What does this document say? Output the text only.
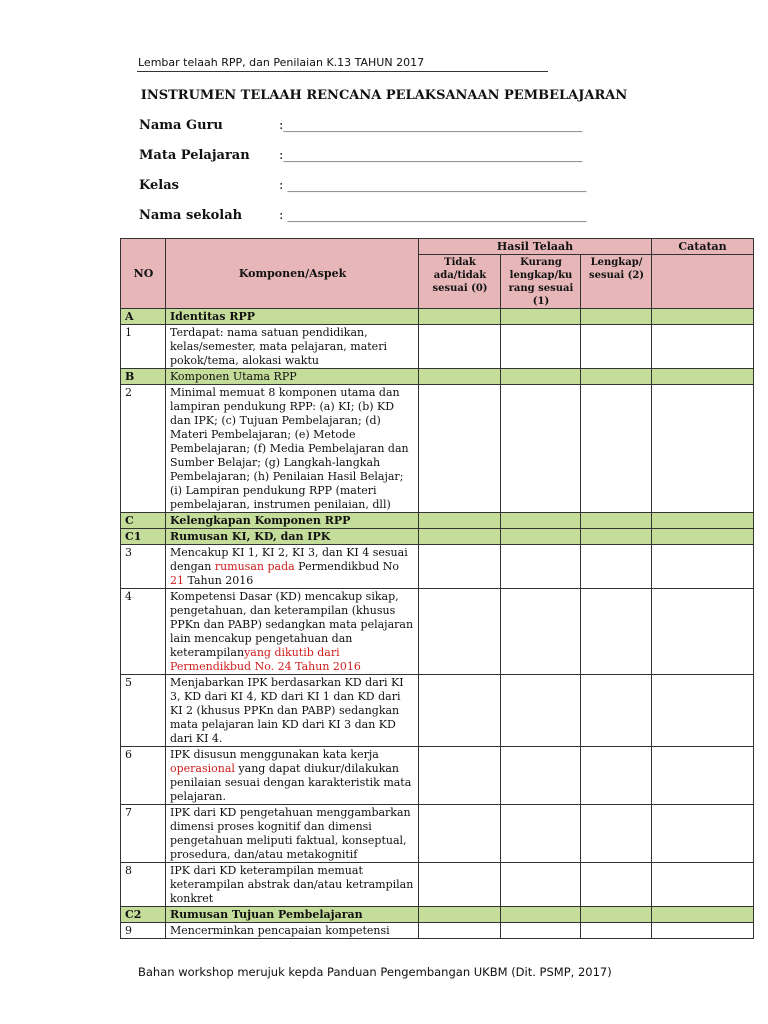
Lembar telaah RPP, dan Penilaian K.13 TAHUN 2017
INSTRUMEN TELAAH RENCANA PELAKSANAAN PEMBELAJARAN
Nama Guru	:______________________________________________
Mata Pelajaran :______________________________________________
Kelas	: ______________________________________________
Nama sekolah	: ______________________________________________
NO	Komponen/Aspek	Hasil Telaah			Catatan
		Tidak ada/tidak sesuai (0)	Kurang lengkap/ku rang sesuai (1)	Lengkap/ sesuai (2)	
A	Identitas RPP				
1	Terdapat: nama satuan pendidikan, kelas/semester, mata pelajaran, materi pokok/tema, alokasi waktu				
B	Komponen Utama RPP				
2	Minimal memuat 8 komponen utama dan lampiran pendukung RPP: (a) KI; (b) KD dan IPK; (c) Tujuan Pembelajaran; (d) Materi Pembelajaran; (e) Metode Pembelajaran; (f) Media Pembelajaran dan Sumber Belajar; (g) Langkah-langkah Pembelajaran; (h) Penilaian Hasil Belajar; (i) Lampiran pendukung RPP (materi pembelajaran, instrumen penilaian, dll)				
C	Kelengkapan Komponen RPP				
C1	Rumusan KI, KD, dan IPK				
3	Mencakup KI 1, KI 2, KI 3, dan KI 4 sesuai dengan rumusan pada Permendikbud No 21 Tahun 2016				
4	Kompetensi Dasar (KD) mencakup sikap, pengetahuan, dan keterampilan (khusus PPKn dan PABP) sedangkan mata pelajaran lain mencakup pengetahuan dan keterampilanyang dikutib dari Permendikbud No. 24 Tahun 2016				
5	Menjabarkan IPK berdasarkan KD dari KI 3, KD dari KI 4, KD dari KI 1 dan KD dari KI 2 (khusus PPKn dan PABP) sedangkan mata pelajaran lain KD dari KI 3 dan KD dari KI 4.				
6	IPK disusun menggunakan kata kerja operasional yang dapat diukur/dilakukan penilaian sesuai dengan karakteristik mata pelajaran.				
7	IPK dari KD pengetahuan menggambarkan dimensi proses kognitif dan dimensi pengetahuan meliputi faktual, konseptual, prosedura, dan/atau metakognitif				
8	IPK dari KD keterampilan memuat keterampilan abstrak dan/atau ketrampilan konkret				
C2	Rumusan Tujuan Pembelajaran				
9	Mencerminkan pencapaian kompetensi				
Bahan workshop merujuk kepda Panduan Pengembangan UKBM (Dit. PSMP, 2017)
